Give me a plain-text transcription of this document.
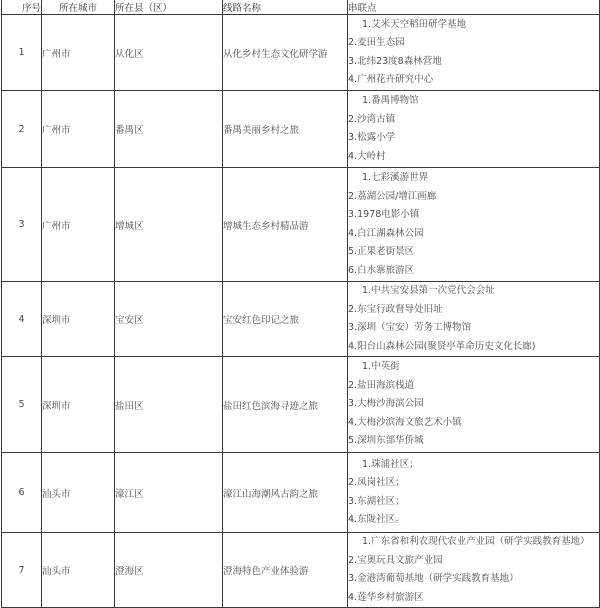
序号	所在城市	所在县（区）	线路名称	串联点
1	广州市	从化区	从化乡村生态文化研学游	1.艾米天空稻田研学基地
2.麦田生态园
3.北纬23度8森林营地
4.广州花卉研究中心

2	广州市	番禺区	番禺美丽乡村之旅	1.番禺博物馆
2.沙湾古镇
3.松露小学
4.大岭村

3	广州市	增城区	增城生态乡村精品游	
1.七彩溪游世界
2.荔湖公园/增江画廊
3.1978电影小镇
4.白江湖森林公园
5.正果老街景区
6.白水寨旅游区

4	深圳市	宝安区	宝安红色印记之旅	1.中共宝安县第一次党代会会址
2.东宝行政督导处旧址
3.深圳（宝安）劳务工博物馆
4.阳台山森林公园(聚贤亭革命历史文化长廊)

5	深圳市	盐田区	盐田红色滨海寻迹之旅	1.中英街
2.盐田海滨栈道
3.大梅沙海滨公园
4.大梅沙滨海文旅艺术小镇
5.深圳东部华侨城

6	汕头市	濠江区	濠江山海潮风古韵之旅	1.珠浦社区；
2.凤岗社区；
3.东湖社区；
4.东陇社区。

7	汕头市	澄海区	澄海特色产业体验游	1.广东省和利农现代农业产业园（研学实践教育基地）
2.宝奥玩具文旅产业园
3.金港湾葡萄基地（研学实践教育基地）
4.莲华乡村旅游区
